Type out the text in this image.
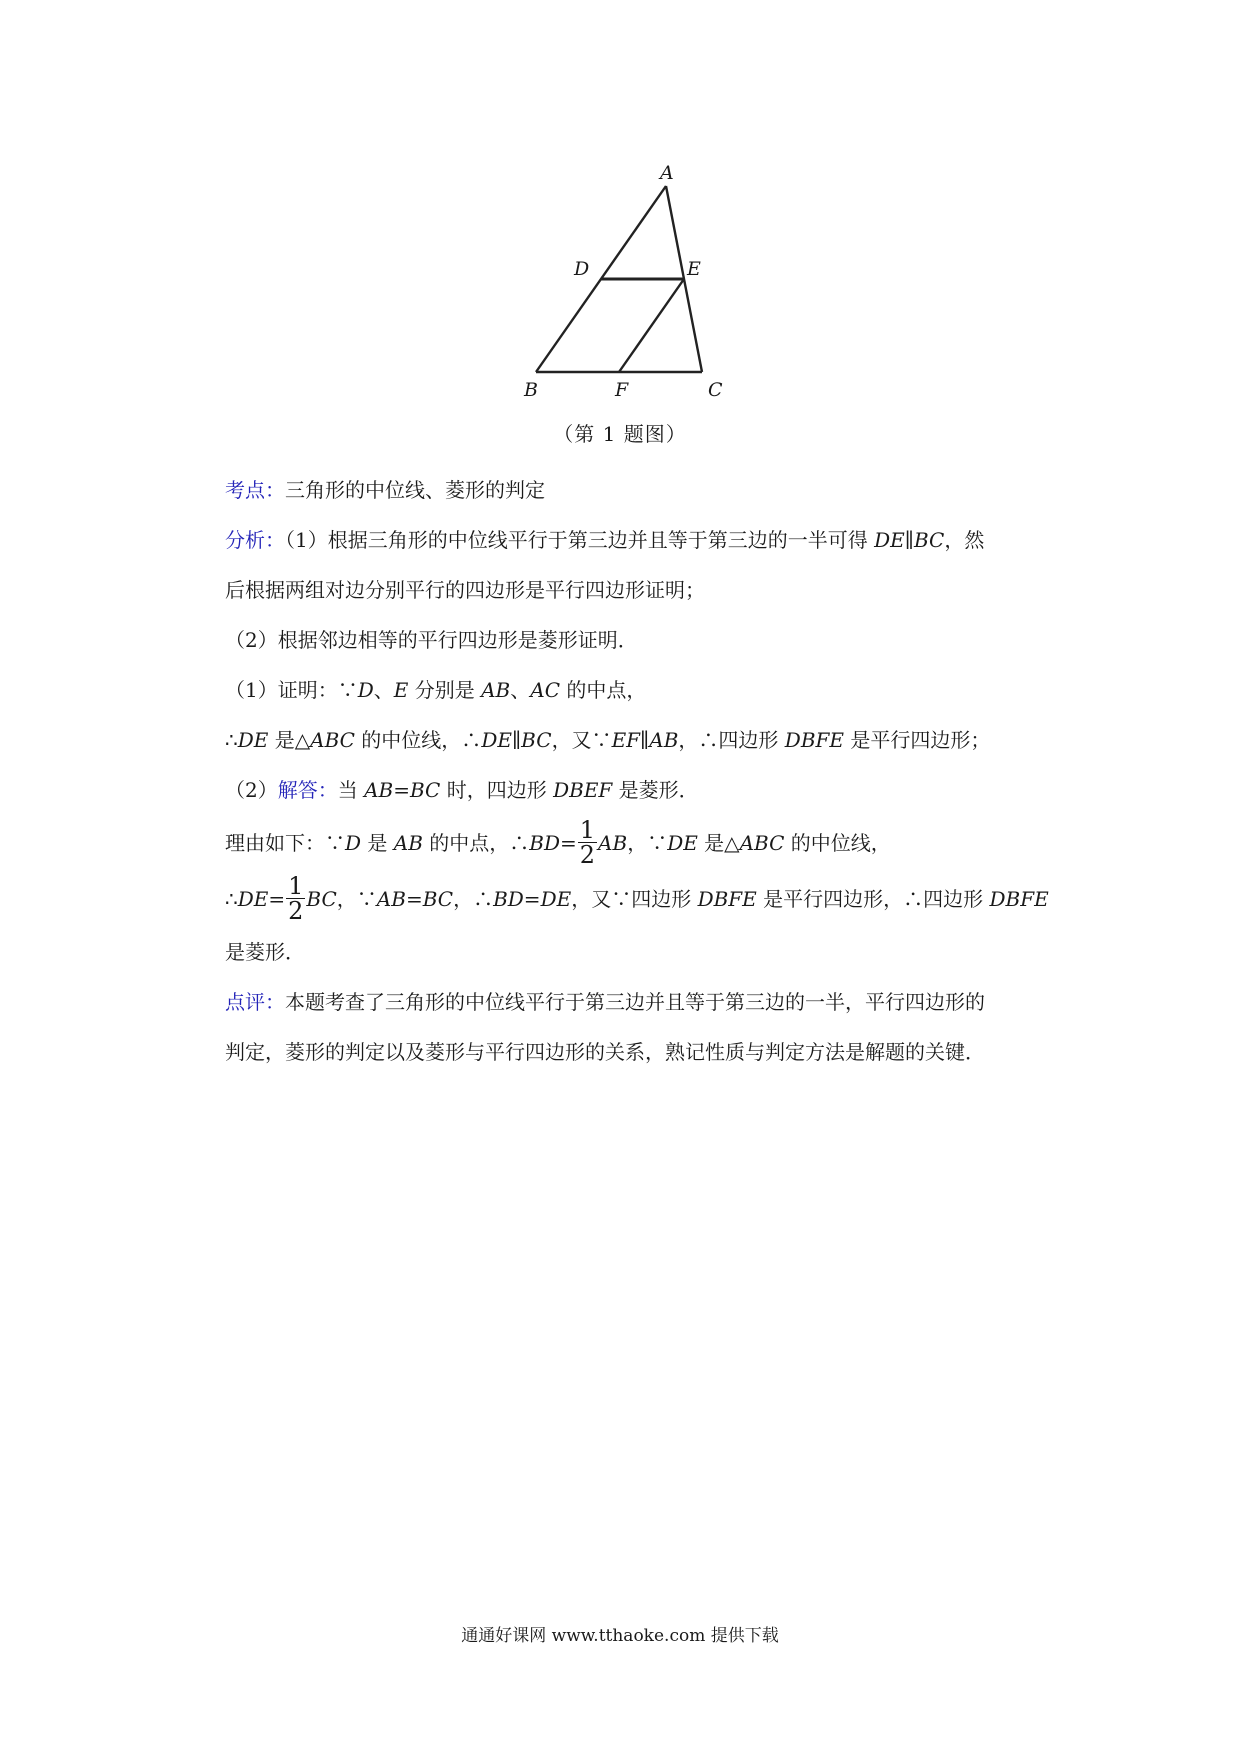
A
D	E
B	F	C
（第 1 题图）
考点：三角形的中位线、菱形的判定
分析：（1）根据三角形的中位线平行于第三边并且等于第三边的一半可得 DE∥BC，然
后根据两组对边分别平行的四边形是平行四边形证明；
（2）根据邻边相等的平行四边形是菱形证明．
（1）证明：∵D、E 分别是 AB、AC 的中点，
∴DE 是△ABC 的中位线，∴DE∥BC，又∵EF∥AB，∴四边形 DBFE 是平行四边形；
（2）解答：当 AB=BC 时，四边形 DBEF 是菱形．
理由如下：∵D 是 AB 的中点，∴BD= $\frac{1}{2}$ AB，∵DE 是△ABC 的中位线，
∴DE= $\frac{1}{2}$ BC，∵AB=BC，∴BD=DE，又∵四边形 DBFE 是平行四边形，∴四边形 DBFE
是菱形．
点评：本题考查了三角形的中位线平行于第三边并且等于第三边的一半，平行四边形的
判定，菱形的判定以及菱形与平行四边形的关系，熟记性质与判定方法是解题的关键．
通通好课网 www.tthaoke.com 提供下载
